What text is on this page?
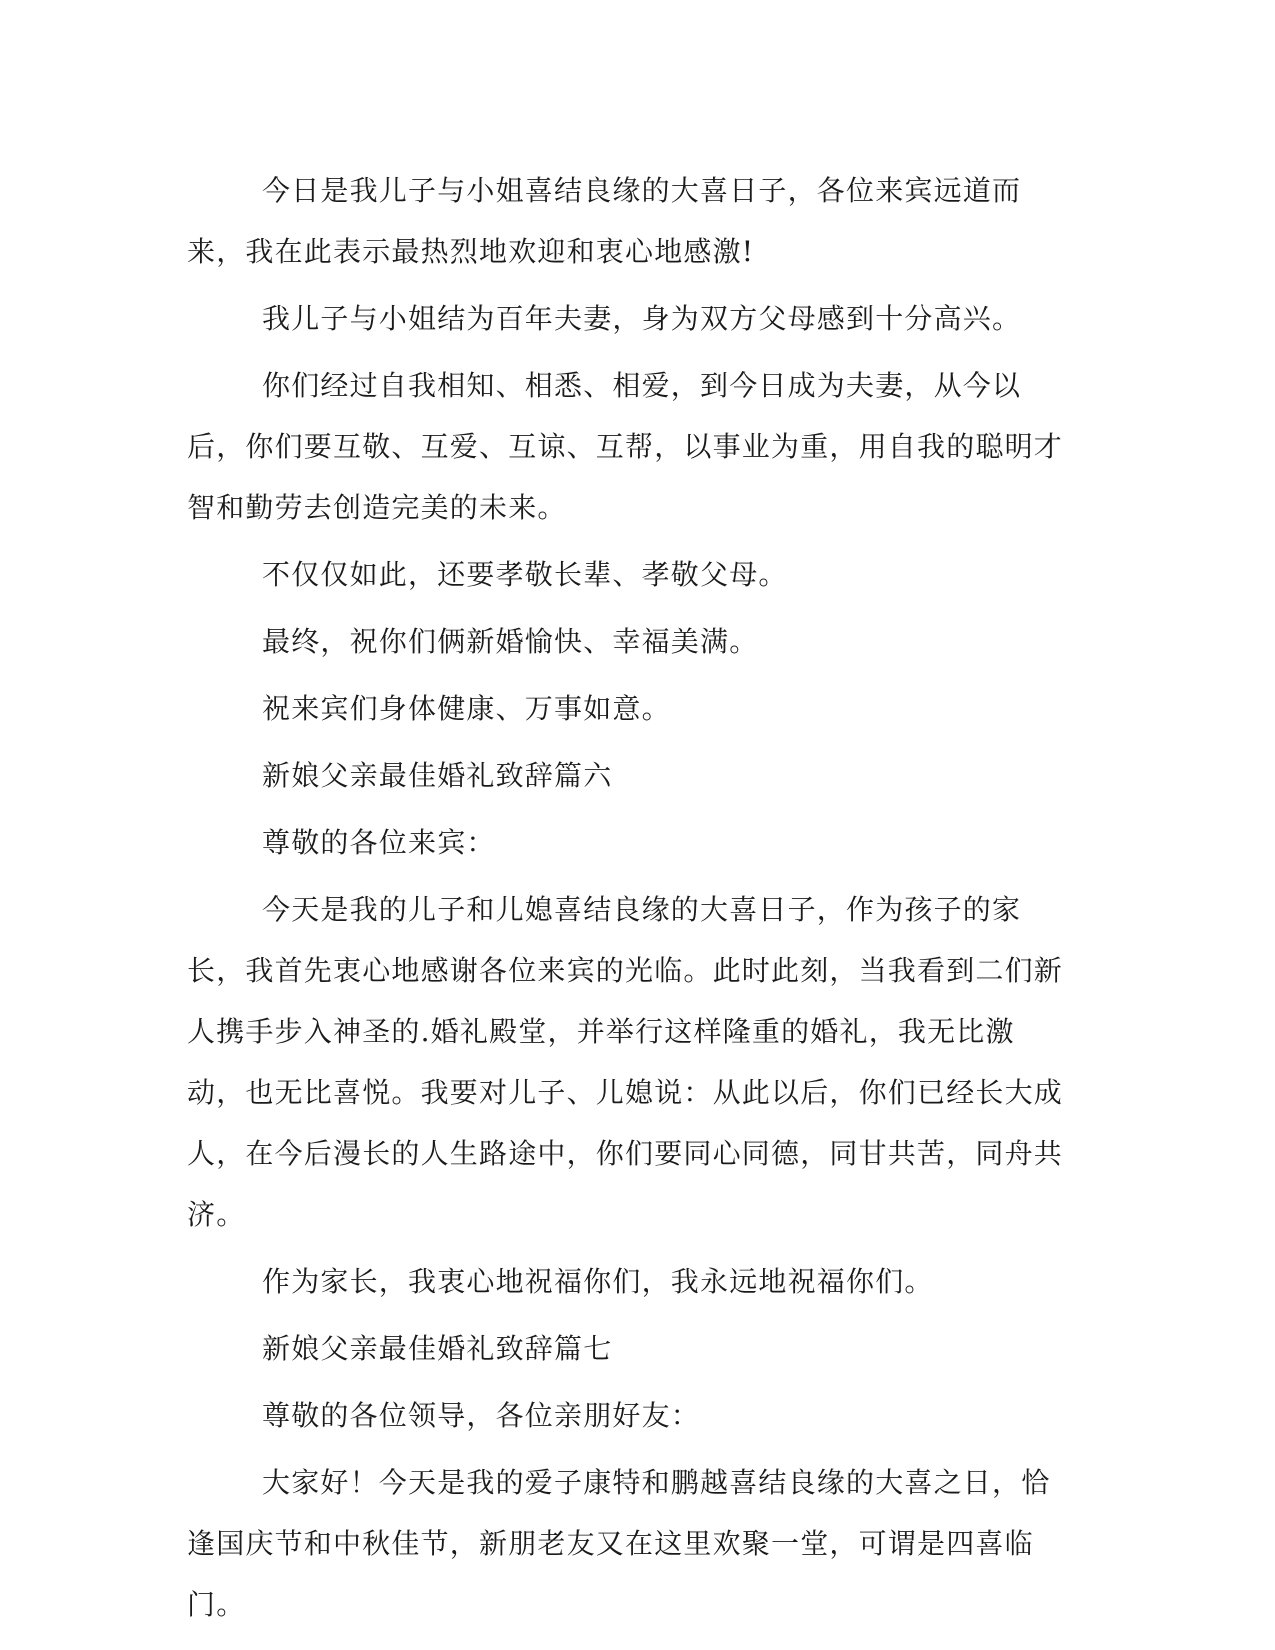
今日是我儿子与小姐喜结良缘的大喜日子，各位来宾远道而来，我在此表示最热烈地欢迎和衷心地感激!

我儿子与小姐结为百年夫妻，身为双方父母感到十分高兴。

你们经过自我相知、相悉、相爱，到今日成为夫妻，从今以后，你们要互敬、互爱、互谅、互帮，以事业为重，用自我的聪明才智和勤劳去创造完美的未来。

不仅仅如此，还要孝敬长辈、孝敬父母。

最终，祝你们俩新婚愉快、幸福美满。

祝来宾们身体健康、万事如意。

新娘父亲最佳婚礼致辞篇六

尊敬的各位来宾：

今天是我的儿子和儿媳喜结良缘的大喜日子，作为孩子的家长，我首先衷心地感谢各位来宾的光临。此时此刻，当我看到二们新人携手步入神圣的.婚礼殿堂，并举行这样隆重的婚礼，我无比激动，也无比喜悦。我要对儿子、儿媳说：从此以后，你们已经长大成人，在今后漫长的人生路途中，你们要同心同德，同甘共苦，同舟共济。

作为家长，我衷心地祝福你们，我永远地祝福你们。

新娘父亲最佳婚礼致辞篇七

尊敬的各位领导，各位亲朋好友：

大家好！今天是我的爱子康特和鹏越喜结良缘的大喜之日，恰逢国庆节和中秋佳节，新朋老友又在这里欢聚一堂，可谓是四喜临门。
